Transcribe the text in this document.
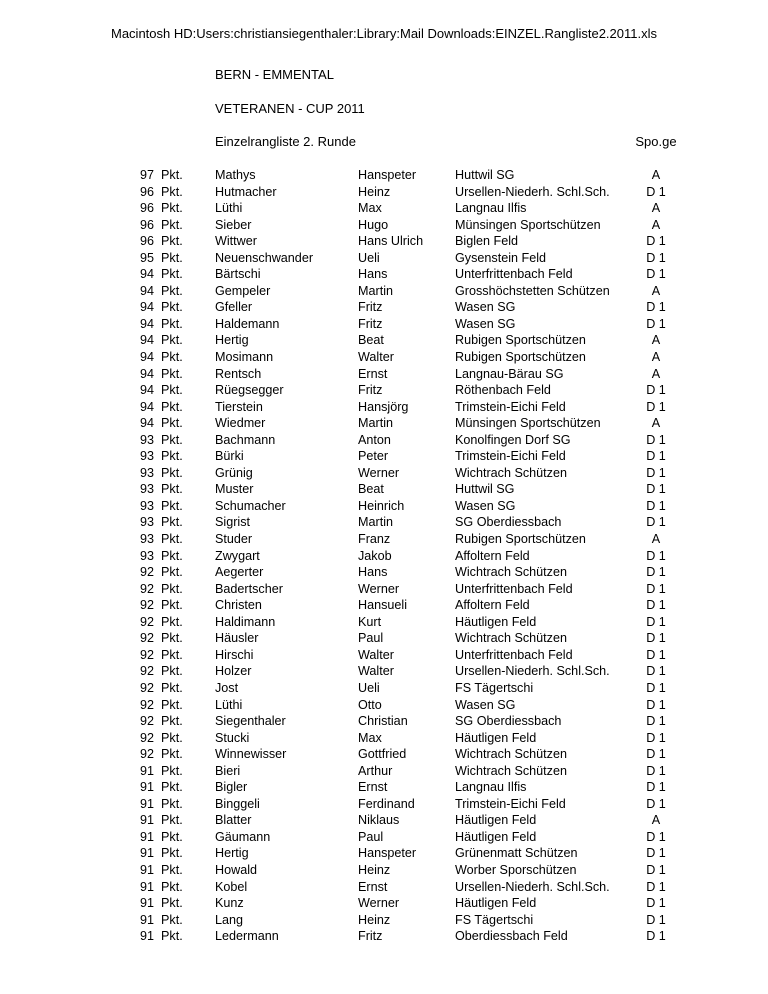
Macintosh HD:Users:christiansiegenthaler:Library:Mail Downloads:EINZEL.Rangliste2.2011.xls
BERN - EMMENTAL
VETERANEN - CUP 2011
Einzelrangliste 2. Runde	Spo.ge
97 Pkt.	Mathys	Hanspeter	Huttwil SG	A
96 Pkt.	Hutmacher	Heinz	Ursellen-Niederh. Schl.Sch.	D 1
96 Pkt.	Lüthi	Max	Langnau Ilfis	A
96 Pkt.	Sieber	Hugo	Münsingen Sportschützen	A
96 Pkt.	Wittwer	Hans Ulrich	Biglen Feld	D 1
95 Pkt.	Neuenschwander	Ueli	Gysenstein Feld	D 1
94 Pkt.	Bärtschi	Hans	Unterfrittenbach Feld	D 1
94 Pkt.	Gempeler	Martin	Grosshöchstetten Schützen	A
94 Pkt.	Gfeller	Fritz	Wasen SG	D 1
94 Pkt.	Haldemann	Fritz	Wasen SG	D 1
94 Pkt.	Hertig	Beat	Rubigen Sportschützen	A
94 Pkt.	Mosimann	Walter	Rubigen Sportschützen	A
94 Pkt.	Rentsch	Ernst	Langnau-Bärau SG	A
94 Pkt.	Rüegsegger	Fritz	Röthenbach Feld	D 1
94 Pkt.	Tierstein	Hansjörg	Trimstein-Eichi Feld	D 1
94 Pkt.	Wiedmer	Martin	Münsingen Sportschützen	A
93 Pkt.	Bachmann	Anton	Konolfingen Dorf SG	D 1
93 Pkt.	Bürki	Peter	Trimstein-Eichi Feld	D 1
93 Pkt.	Grünig	Werner	Wichtrach Schützen	D 1
93 Pkt.	Muster	Beat	Huttwil SG	D 1
93 Pkt.	Schumacher	Heinrich	Wasen SG	D 1
93 Pkt.	Sigrist	Martin	SG Oberdiessbach	D 1
93 Pkt.	Studer	Franz	Rubigen Sportschützen	A
93 Pkt.	Zwygart	Jakob	Affoltern Feld	D 1
92 Pkt.	Aegerter	Hans	Wichtrach Schützen	D 1
92 Pkt.	Badertscher	Werner	Unterfrittenbach Feld	D 1
92 Pkt.	Christen	Hansueli	Affoltern Feld	D 1
92 Pkt.	Haldimann	Kurt	Häutligen Feld	D 1
92 Pkt.	Häusler	Paul	Wichtrach Schützen	D 1
92 Pkt.	Hirschi	Walter	Unterfrittenbach Feld	D 1
92 Pkt.	Holzer	Walter	Ursellen-Niederh. Schl.Sch.	D 1
92 Pkt.	Jost	Ueli	FS Tägertschi	D 1
92 Pkt.	Lüthi	Otto	Wasen SG	D 1
92 Pkt.	Siegenthaler	Christian	SG Oberdiessbach	D 1
92 Pkt.	Stucki	Max	Häutligen Feld	D 1
92 Pkt.	Winnewisser	Gottfried	Wichtrach Schützen	D 1
91 Pkt.	Bieri	Arthur	Wichtrach Schützen	D 1
91 Pkt.	Bigler	Ernst	Langnau Ilfis	D 1
91 Pkt.	Binggeli	Ferdinand	Trimstein-Eichi Feld	D 1
91 Pkt.	Blatter	Niklaus	Häutligen Feld	A
91 Pkt.	Gäumann	Paul	Häutligen Feld	D 1
91 Pkt.	Hertig	Hanspeter	Grünenmatt Schützen	D 1
91 Pkt.	Howald	Heinz	Worber Sporschützen	D 1
91 Pkt.	Kobel	Ernst	Ursellen-Niederh. Schl.Sch.	D 1
91 Pkt.	Kunz	Werner	Häutligen Feld	D 1
91 Pkt.	Lang	Heinz	FS Tägertschi	D 1
91 Pkt.	Ledermann	Fritz	Oberdiessbach Feld	D 1
